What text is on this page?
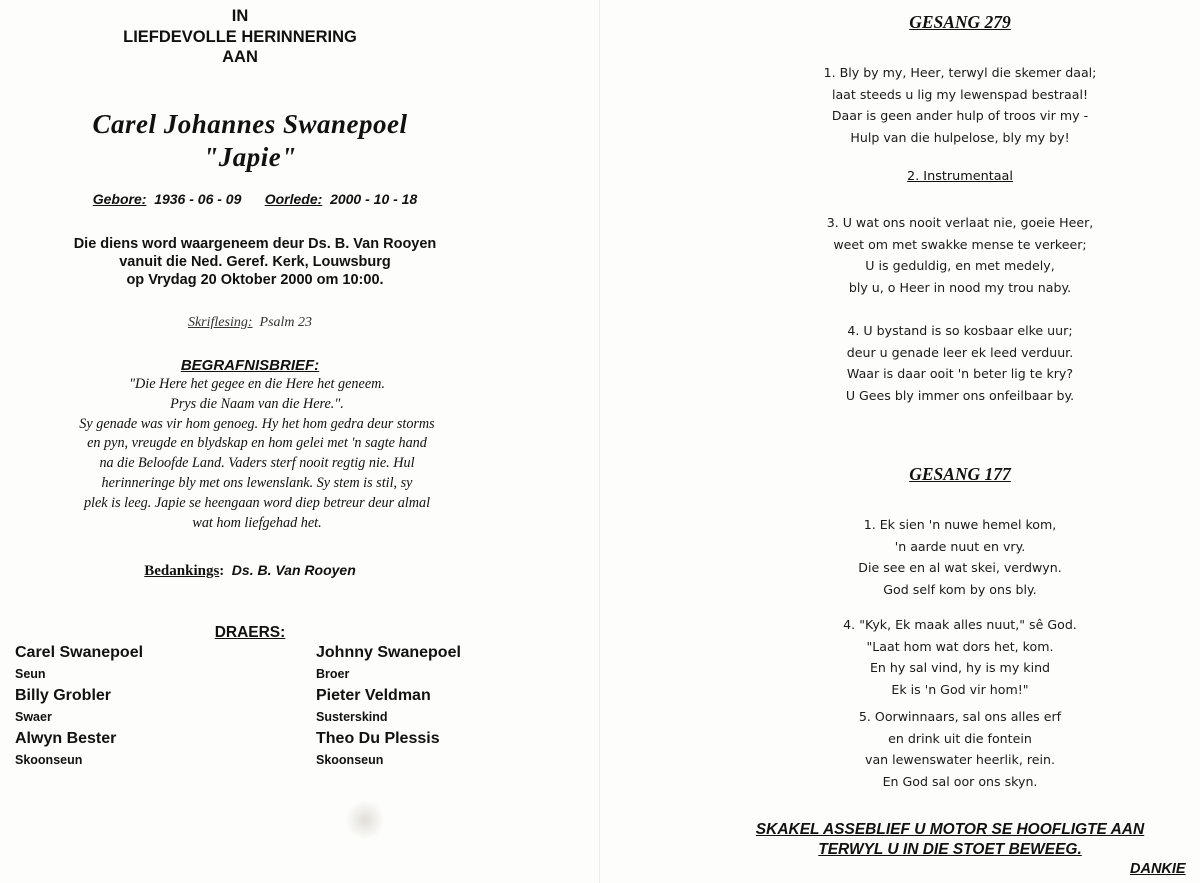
IN
LIEFDEVOLLE HERINNERING
AAN
Carel Johannes Swanepoel
"Japie"
Gebore: 1936 - 06 - 09 Oorlede: 2000 - 10 - 18
Die diens word waargeneem deur Ds. B. Van Rooyen
vanuit die Ned. Geref. Kerk, Louwsburg
op Vrydag 20 Oktober 2000 om 10:00.
Skriflesing: Psalm 23
BEGRAFNISBRIEF:
"Die Here het gegee en die Here het geneem.
Prys die Naam van die Here.".
Sy genade was vir hom genoeg. Hy het hom gedra deur storms
en pyn, vreugde en blydskap en hom gelei met 'n sagte hand
na die Beloofde Land. Vaders sterf nooit regtig nie. Hul
herinneringe bly met ons lewenslank. Sy stem is stil, sy
plek is leeg. Japie se heengaan word diep betreur deur almal
wat hom liefgehad het.
Bedankings: Ds. B. Van Rooyen
DRAERS:
Carel Swanepoel
Seun
Billy Grobler
Swaer
Alwyn Bester
Skoonseun
Johnny Swanepoel
Broer
Pieter Veldman
Susterskind
Theo Du Plessis
Skoonseun
GESANG 279
1. Bly by my, Heer, terwyl die skemer daal;
laat steeds u lig my lewenspad bestraal!
Daar is geen ander hulp of troos vir my -
Hulp van die hulpelose, bly my by!
2. Instrumentaal
3. U wat ons nooit verlaat nie, goeie Heer,
weet om met swakke mense te verkeer;
U is geduldig, en met medely,
bly u, o Heer in nood my trou naby.
4. U bystand is so kosbaar elke uur;
deur u genade leer ek leed verduur.
Waar is daar ooit 'n beter lig te kry?
U Gees bly immer ons onfeilbaar by.
GESANG 177
1. Ek sien 'n nuwe hemel kom,
'n aarde nuut en vry.
Die see en al wat skei, verdwyn.
God self kom by ons bly.
4. "Kyk, Ek maak alles nuut," sê God.
"Laat hom wat dors het, kom.
En hy sal vind, hy is my kind
Ek is 'n God vir hom!"
5. Oorwinnaars, sal ons alles erf
en drink uit die fontein
van lewenswater heerlik, rein.
En God sal oor ons skyn.
SKAKEL ASSEBLIEF U MOTOR SE HOOFLIGTE AAN
TERWYL U IN DIE STOET BEWEEG.
DANKIE
